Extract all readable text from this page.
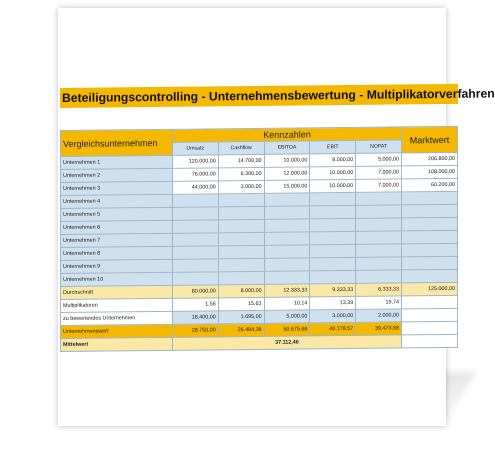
Beteiligungscontrolling - Unternehmensbewertung - Multiplikatorverfahren
Vergleichsunternehmen	Kennzahlen					Marktwert
	Umsatz	Cashflow	EBITDA	EBIT	NOPAT	
Unternehmen 1	120.000,00	14.700,00	10.000,00	8.000,00	5.000,00	206.800,00
Unternehmen 2	76.000,00	6.300,00	12.000,00	10.000,00	7.000,00	108.000,00
Unternehmen 3	44.000,00	3.000,00	15.000,00	10.000,00	7.000,00	60.200,00
Unternehmen 4						
Unternehmen 5						
Unternehmen 6						
Unternehmen 7						
Unternehmen 8						
Unternehmen 9						
Unternehmen 10						
Durchschnitt	80.000,00	8.000,00	12.333,33	9.333,33	6.333,33	125.000,00
Multiplikatoren	1,56	15,63	10,14	13,39	19,74	
zu bewertendes Unternehmen	18.400,00	1.695,00	5.000,00	3.000,00	2.000,00	
Unternehmenswert	28.750,00	26.484,38	50.675,68	40.178,57	39.473,68	
Mittelwert	37.112,46					
